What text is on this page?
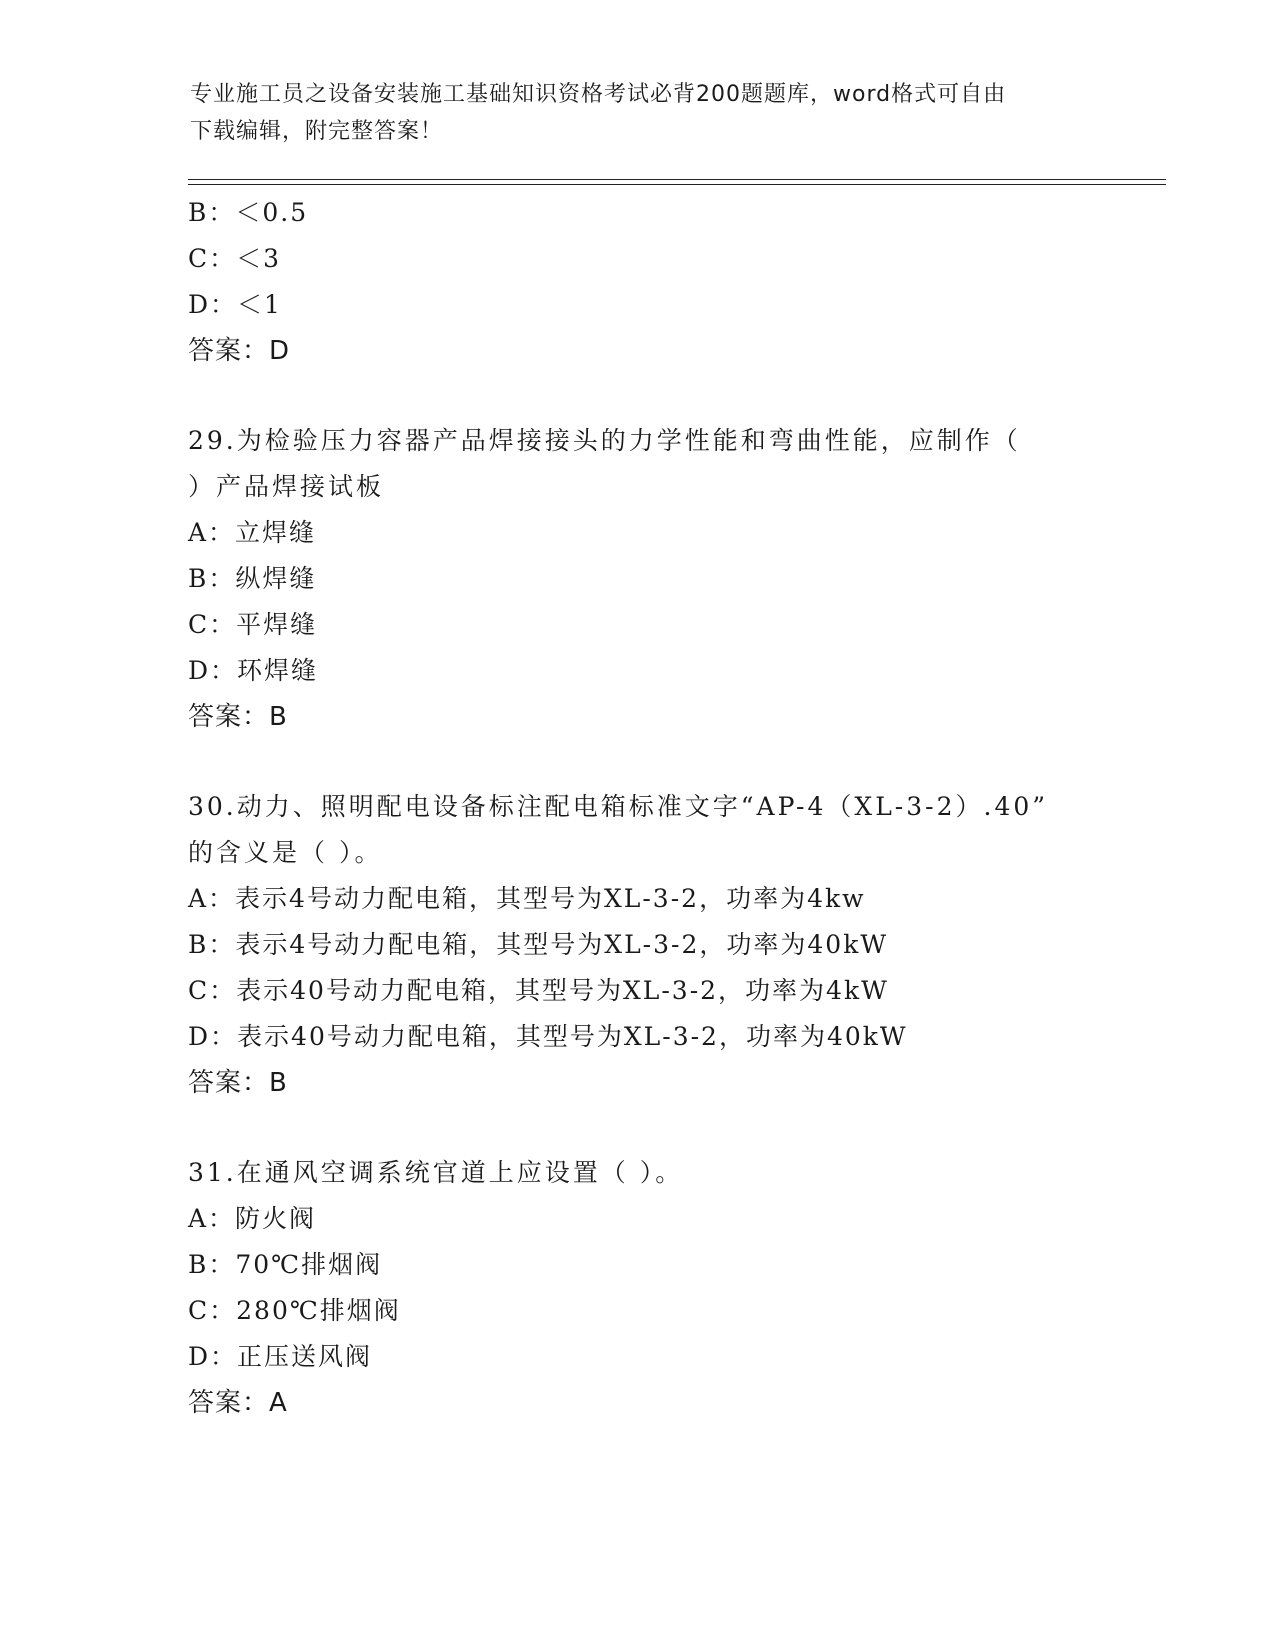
专业施工员之设备安装施工基础知识资格考试必背200题题库，word格式可自由
下载编辑，附完整答案！
B：＜0.5
C：＜3
D：＜1
答案：D
29.为检验压力容器产品焊接接头的力学性能和弯曲性能，应制作（
）产品焊接试板
A：立焊缝
B：纵焊缝
C：平焊缝
D：环焊缝
答案：B
30.动力、照明配电设备标注配电箱标准文字“AP-4（XL-3-2）.40”
的含义是（ ）。
A：表示4号动力配电箱，其型号为XL-3-2，功率为4kw
B：表示4号动力配电箱，其型号为XL-3-2，功率为40kW
C：表示40号动力配电箱，其型号为XL-3-2，功率为4kW
D：表示40号动力配电箱，其型号为XL-3-2，功率为40kW
答案：B
31.在通风空调系统官道上应设置（ ）。
A：防火阀
B：70℃排烟阀
C：280℃排烟阀
D：正压送风阀
答案：A
